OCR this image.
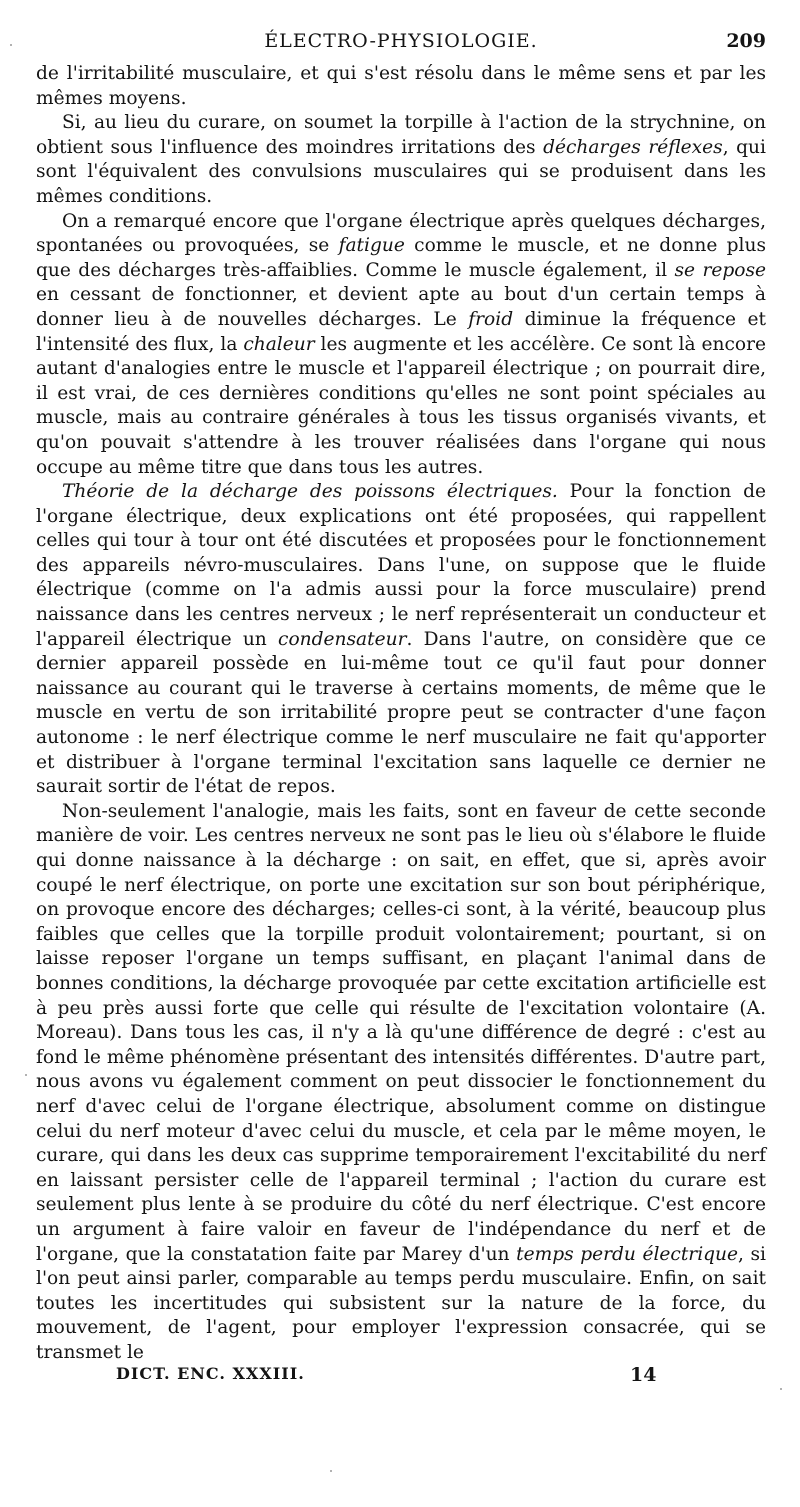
ÉLECTRO-PHYSIOLOGIE.	209

de l'irritabilité musculaire, et qui s'est résolu dans le même sens et par les mêmes moyens.

Si, au lieu du curare, on soumet la torpille à l'action de la strychnine, on obtient sous l'influence des moindres irritations des décharges réflexes, qui sont l'équivalent des convulsions musculaires qui se produisent dans les mêmes conditions.

On a remarqué encore que l'organe électrique après quelques décharges, spontanées ou provoquées, se fatigue comme le muscle, et ne donne plus que des décharges très-affaiblies. Comme le muscle également, il se repose en cessant de fonctionner, et devient apte au bout d'un certain temps à donner lieu à de nouvelles décharges. Le froid diminue la fréquence et l'intensité des flux, la chaleur les augmente et les accélère. Ce sont là encore autant d'analogies entre le muscle et l'appareil électrique ; on pourrait dire, il est vrai, de ces dernières conditions qu'elles ne sont point spéciales au muscle, mais au contraire générales à tous les tissus organisés vivants, et qu'on pouvait s'attendre à les trouver réalisées dans l'organe qui nous occupe au même titre que dans tous les autres.

Théorie de la décharge des poissons électriques. Pour la fonction de l'organe électrique, deux explications ont été proposées, qui rappellent celles qui tour à tour ont été discutées et proposées pour le fonctionnement des appareils névro-musculaires. Dans l'une, on suppose que le fluide électrique (comme on l'a admis aussi pour la force musculaire) prend naissance dans les centres nerveux ; le nerf représenterait un conducteur et l'appareil électrique un condensateur. Dans l'autre, on considère que ce dernier appareil possède en lui-même tout ce qu'il faut pour donner naissance au courant qui le traverse à certains moments, de même que le muscle en vertu de son irritabilité propre peut se contracter d'une façon autonome : le nerf électrique comme le nerf musculaire ne fait qu'apporter et distribuer à l'organe terminal l'excitation sans laquelle ce dernier ne saurait sortir de l'état de repos.

Non-seulement l'analogie, mais les faits, sont en faveur de cette seconde manière de voir. Les centres nerveux ne sont pas le lieu où s'élabore le fluide qui donne naissance à la décharge : on sait, en effet, que si, après avoir coupé le nerf électrique, on porte une excitation sur son bout périphérique, on provoque encore des décharges; celles-ci sont, à la vérité, beaucoup plus faibles que celles que la torpille produit volontairement; pourtant, si on laisse reposer l'organe un temps suffisant, en plaçant l'animal dans de bonnes conditions, la décharge provoquée par cette excitation artificielle est à peu près aussi forte que celle qui résulte de l'excitation volontaire (A. Moreau). Dans tous les cas, il n'y a là qu'une différence de degré : c'est au fond le même phénomène présentant des intensités différentes. D'autre part, nous avons vu également comment on peut dissocier le fonctionnement du nerf d'avec celui de l'organe électrique, absolument comme on distingue celui du nerf moteur d'avec celui du muscle, et cela par le même moyen, le curare, qui dans les deux cas supprime temporairement l'excitabilité du nerf en laissant persister celle de l'appareil terminal ; l'action du curare est seulement plus lente à se produire du côté du nerf électrique. C'est encore un argument à faire valoir en faveur de l'indépendance du nerf et de l'organe, que la constatation faite par Marey d'un temps perdu électrique, si l'on peut ainsi parler, comparable au temps perdu musculaire. Enfin, on sait toutes les incertitudes qui subsistent sur la nature de la force, du mouvement, de l'agent, pour employer l'expression consacrée, qui se transmet le

DICT. ENC. XXXIII.	14
